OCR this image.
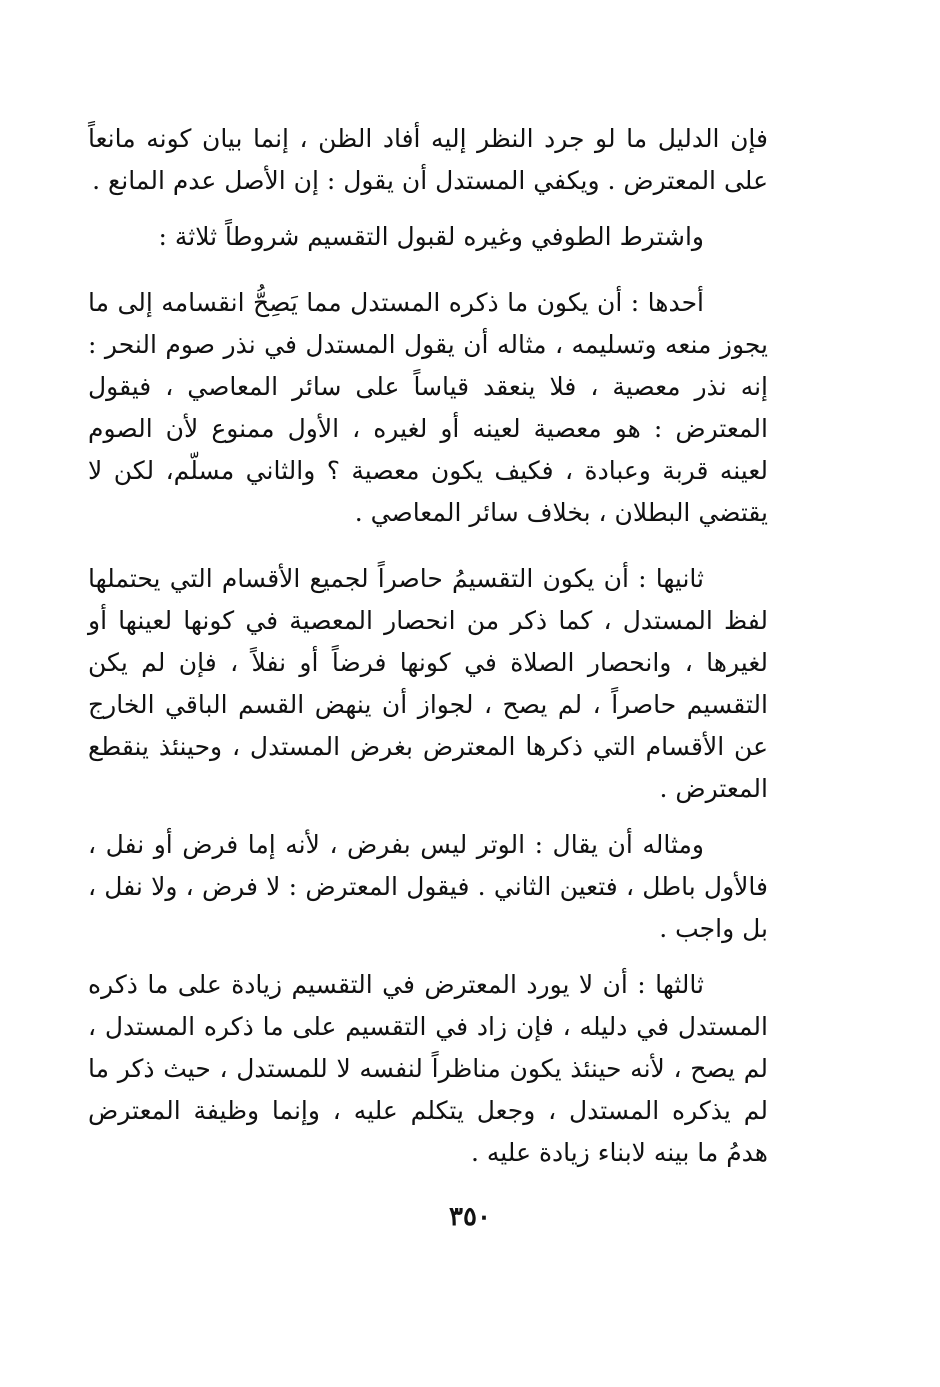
فإن الدليل ما لو جرد النظر إليه أفاد الظن ، إنما بيان كونه مانعاً على المعترض . ويكفي المستدل أن يقول : إن الأصل عدم المانع .

واشترط الطوفي وغيره لقبول التقسيم شروطاً ثلاثة :

أحدها : أن يكون ما ذكره المستدل مما يَصِحُّ انقسامه إلى ما يجوز منعه وتسليمه ، مثاله أن يقول المستدل في نذر صوم النحر : إنه نذر معصية ، فلا ينعقد قياساً على سائر المعاصي ، فيقول المعترض : هو معصية لعينه أو لغيره ، الأول ممنوع لأن الصوم لعينه قربة وعبادة ، فكيف يكون معصية ؟ والثاني مسلّم، لكن لا يقتضي البطلان ، بخلاف سائر المعاصي .

ثانيها : أن يكون التقسيمُ حاصراً لجميع الأقسام التي يحتملها لفظ المستدل ، كما ذكر من انحصار المعصية في كونها لعينها أو لغيرها ، وانحصار الصلاة في كونها فرضاً أو نفلاً ، فإن لم يكن التقسيم حاصراً ، لم يصح ، لجواز أن ينهض القسم الباقي الخارج عن الأقسام التي ذكرها المعترض بغرض المستدل ، وحينئذ ينقطع المعترض .

ومثاله أن يقال : الوتر ليس بفرض ، لأنه إما فرض أو نفل ، فالأول باطل ، فتعين الثاني . فيقول المعترض : لا فرض ، ولا نفل ، بل واجب .

ثالثها : أن لا يورد المعترض في التقسيم زيادة على ما ذكره المستدل في دليله ، فإن زاد في التقسيم على ما ذكره المستدل ، لم يصح ، لأنه حينئذ يكون مناظراً لنفسه لا للمستدل ، حيث ذكر ما لم يذكره المستدل ، وجعل يتكلم عليه ، وإنما وظيفة المعترض هدمُ ما بينه لابناء زيادة عليه .

٣٥٠
